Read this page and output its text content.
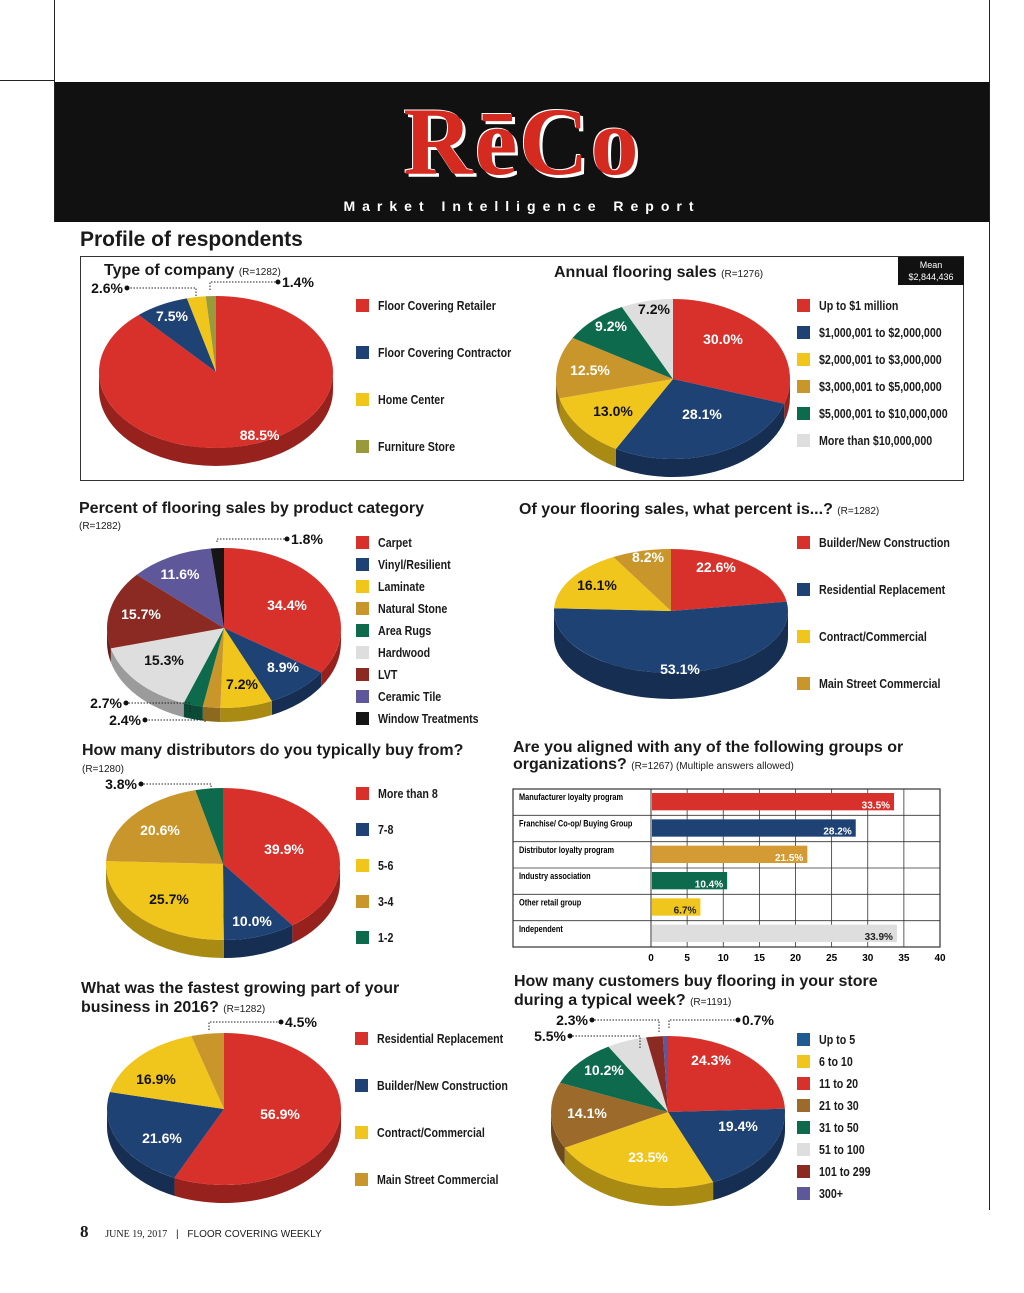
RēCo
Market Intelligence Report
Profile of respondents
Type of company (R=1282)	Annual flooring sales (R=1276)
Mean
$2,844,436
Percent of flooring sales by product category
(R=1282)
Of your flooring sales, what percent is...? (R=1282)
How many distributors do you typically buy from?
(R=1280)
Are you aligned with any of the following groups or
organizations? (R=1267) (Multiple answers allowed)
What was the fastest growing part of your
business in 2016? (R=1282)
How many customers buy flooring in your store
during a typical week? (R=1191)
Floor Covering Retailer
Floor Covering Contractor
Home Center
Furniture Store
Up to $1 million
$1,000,001 to $2,000,000
$2,000,001 to $3,000,000
$3,000,001 to $5,000,000
$5,000,001 to $10,000,000
More than $10,000,000
Carpet
Vinyl/Resilient
Laminate
Natural Stone
Area Rugs
Hardwood
LVT
Ceramic Tile
Window Treatments
Builder/New Construction
Residential Replacement
Contract/Commercial
Main Street Commercial
More than 8
7-8
5-6
3-4
1-2
Residential Replacement
Builder/New Construction
Contract/Commercial
Main Street Commercial
Up to 5
6 to 10
11 to 20
21 to 30
31 to 50
51 to 100
101 to 299
300+
88.5%
7.5%
2.6%	1.4%
30.0%
28.1%
13.0%
12.5%
9.2%
7.2%
34.4%
8.9%
7.2%
2.4%
2.7%
15.3%
15.7%
11.6%
1.8%
22.6%
53.1%
16.1%
8.2%
39.9%
10.0%
25.7%
20.6%
3.8%
56.9%
21.6%
16.9%
4.5%
24.3%
19.4%
23.5%
14.1%
10.2%
5.5%
2.3%	0.7%
0	5	10	15	20	25	30	35	40
Manufacturer loyalty program
33.5%
Franchise/ Co-op/ Buying Group
28.2%
Distributor loyalty program
21.5%
Industry association
10.4%
Other retail group
6.7%
Independent
33.9%
8 JUNE 19, 2017 | FLOOR COVERING WEEKLY
